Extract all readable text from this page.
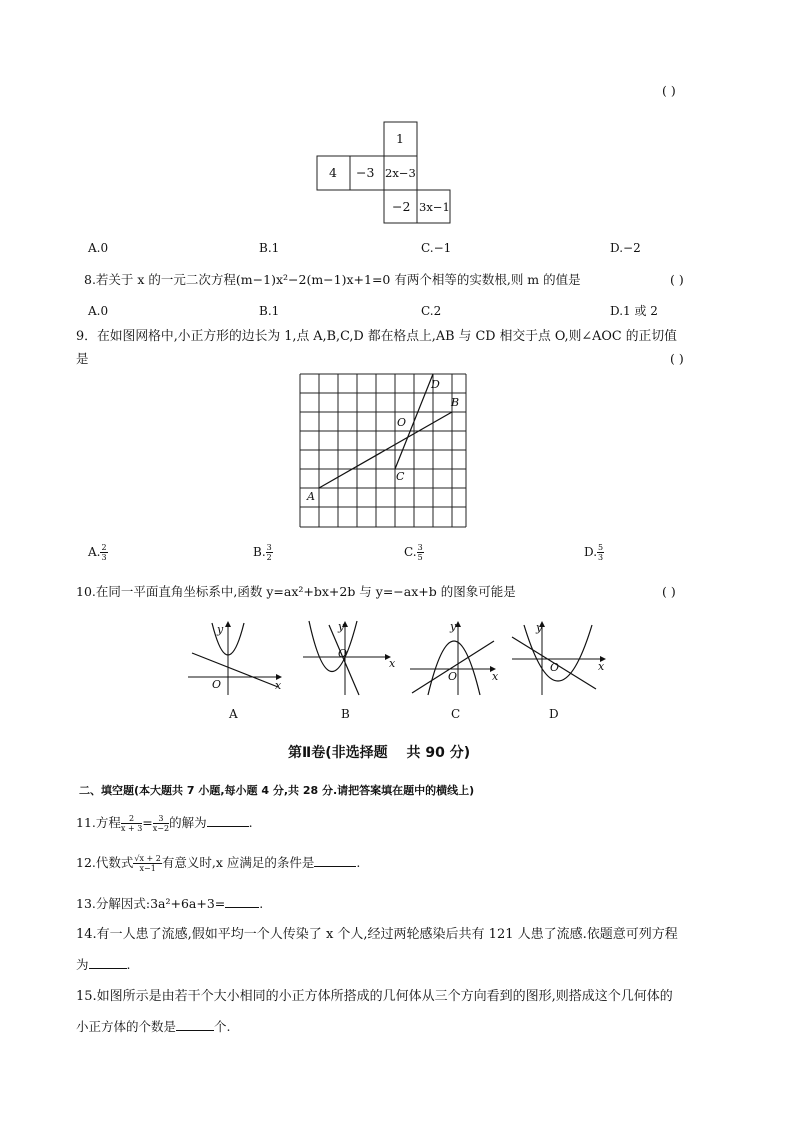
( )
1
4 −3 2x−3
−2 3x−1
A.0	B.1	C.−1	D.−2
8.若关于 x 的一元二次方程(m−1)x²−2(m−1)x+1=0 有两个相等的实数根,则 m 的值是	( )
A.0	B.1	C.2	D.1 或 2
9．在如图网格中,小正方形的边长为 1,点 A,B,C,D 都在格点上,AB 与 CD 相交于点 O,则∠AOC 的正切值
是	( )
A
B
C
D
O
A. $\frac{2}{3}$	B. $\frac{3}{2}$	C. $\frac{3}{5}$	D. $\frac{5}{3}$
10.在同一平面直角坐标系中,函数 y=ax²+bx+2b 与 y=−ax+b 的图象可能是	( )
y
x
O
A
y
x
O
B
y
x
O
C
y
x
O
D
第Ⅱ卷(非选择题　 共 90 分)
二、填空题(本大题共 7 小题,每小题 4 分,共 28 分.请把答案填在题中的横线上)
11.方程 $\frac{2}{x + 3} = \frac{3}{x-2}$ 的解为	.
12.代数式 $\frac{√x + 2}{x-1}$ 有意义时,x 应满足的条件是	.
13.分解因式:3a²+6a+3=	.
14.有一人患了流感,假如平均一个人传染了 x 个人,经过两轮感染后共有 121 人患了流感.依题意可列方程
为	.
15.如图所示是由若干个大小相同的小正方体所搭成的几何体从三个方向看到的图形,则搭成这个几何体的
小正方体的个数是	个.
